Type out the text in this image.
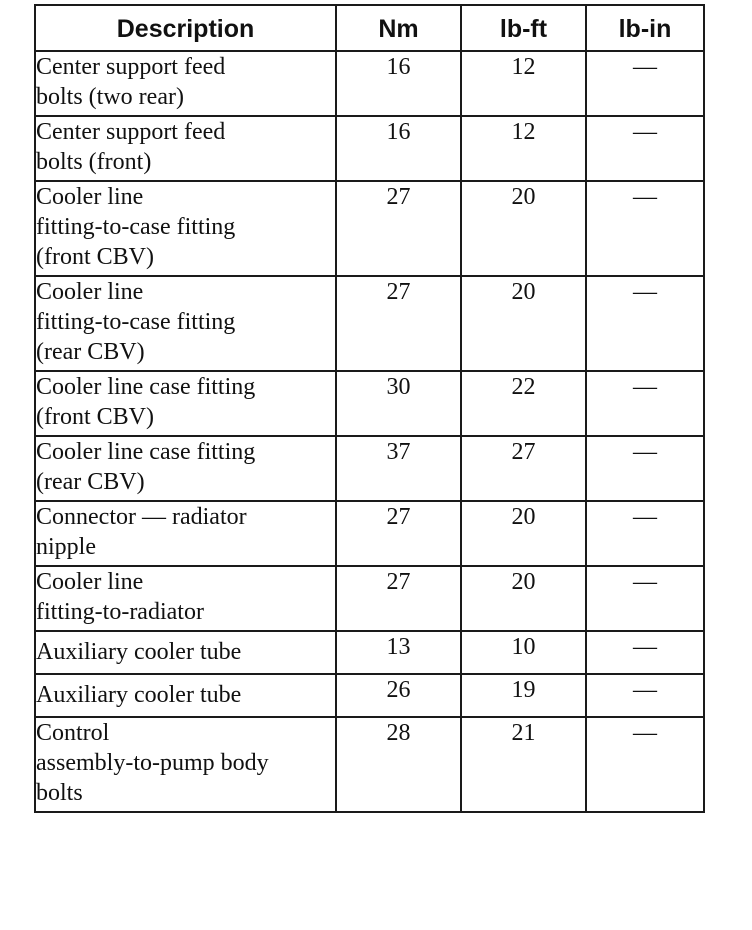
Description	Nm	lb-ft	lb-in
Center support feed
bolts (two rear)	16	12	—
Center support feed
bolts (front)	16	12	—
Cooler line
fitting-to-case fitting
(front CBV)	27	20	—
Cooler line
fitting-to-case fitting
(rear CBV)	27	20	—
Cooler line case fitting
(front CBV)	30	22	—
Cooler line case fitting
(rear CBV)	37	27	—
Connector — radiator
nipple	27	20	—
Cooler line
fitting-to-radiator	27	20	—
Auxiliary cooler tube	13	10	—
Auxiliary cooler tube	26	19	—
Control
assembly-to-pump body
bolts	28	21	—
